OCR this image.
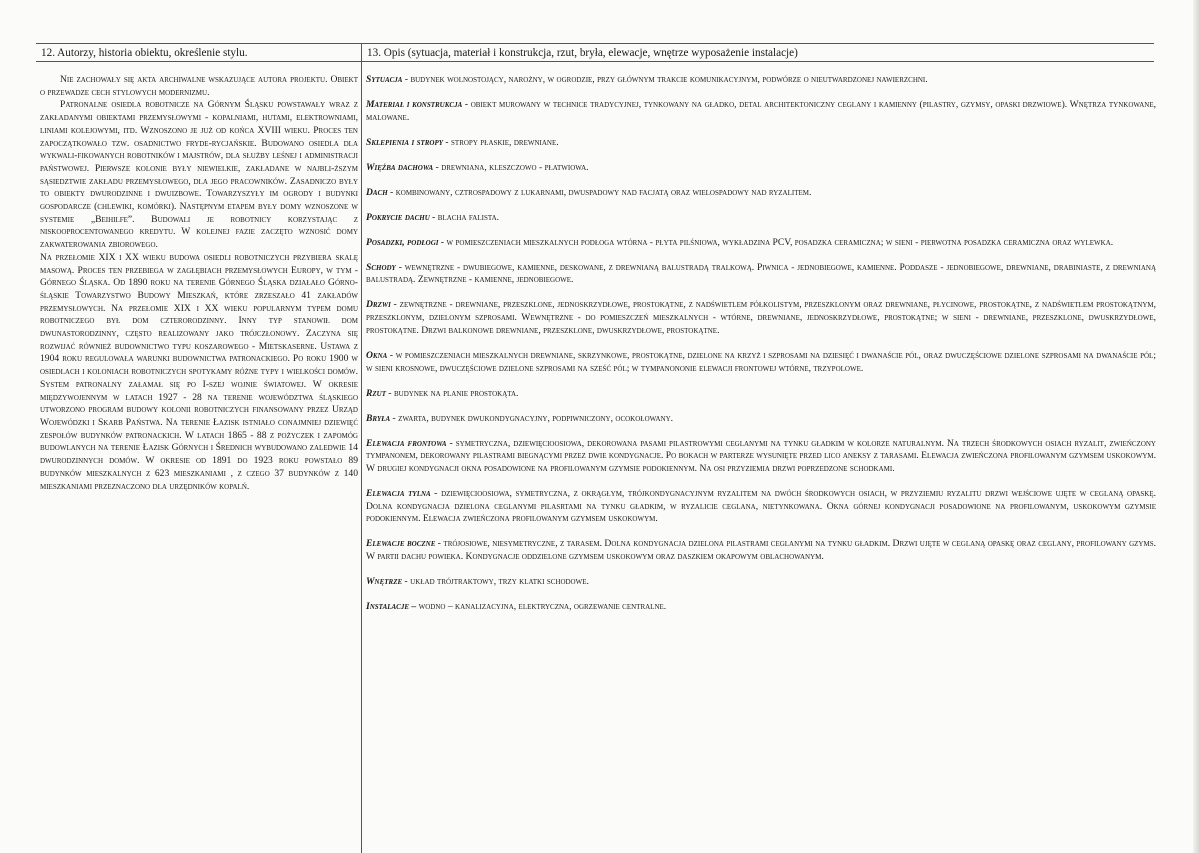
12. Autorzy, historia obiektu, określenie stylu.	13. Opis (sytuacja, materiał i konstrukcja, rzut, bryła, elewacje, wnętrze wyposażenie instalacje)

Nie zachowały się akta archiwalne wskazujące autora projektu. Obiekt o przewadze cech stylowych modernizmu.

Patronalne osiedla robotnicze na Górnym Śląsku powstawały wraz z zakładanymi obiektami przemysłowymi - kopalniami, hutami, elektrowniami, liniami kolejowymi, itd. Wznoszono je już od końca XVIII wieku. Proces ten zapoczątkowało tzw. osadnictwo fryde-rycjańskie. Budowano osiedla dla wykwali-fikowanych robotników i majstrów, dla służby leśnej i administracji państwowej. Pierwsze kolonie były niewielkie, zakładane w najbli-ższym sąsiedztwie zakładu przemysłowego, dla jego pracowników. Zasadniczo były to obiekty dwurodzinne i dwuizbowe. Towarzyszyły im ogrody i budynki gospodarcze (chlewiki, komórki). Następnym etapem były domy wznoszone w systemie „Beihilfe”. Budowali je robotnicy korzystając z niskooprocentowanego kredytu. W kolejnej fazie zaczęto wznosić domy zakwaterowania zbiorowego.

Na przełomie XIX i XX wieku budowa osiedli robotniczych przybiera skalę masową. Proces ten przebiega w zagłębiach przemysłowych Europy, w tym - Górnego Śląska. Od 1890 roku na terenie Górnego Śląska działało Górno-śląskie Towarzystwo Budowy Mieszkań, które zrzeszało 41 zakładów przemysłowych. Na przełomie XIX i XX wieku popularnym typem domu robotniczego był dom czterorodzinny. Inny typ stanowił dom dwunastorodzinny, często realizowany jako trójczłonowy. Zaczyna się rozwijać również budownictwo typu koszarowego - Mietskaserne. Ustawa z 1904 roku regulowała warunki budownictwa patronackiego. Po roku 1900 w osiedlach i koloniach robotniczych spotykamy różne typy i wielkości domów. System patronalny załamał się po I-szej wojnie światowej. W okresie międzywojennym w latach 1927 - 28 na terenie województwa śląskiego utworzono program budowy kolonii robotniczych finansowany przez Urząd Wojewódzki i Skarb Państwa. Na terenie Łazisk istniało conajmniej dziewięć zespołów budynków patronackich. W latach 1865 - 88 z pożyczek i zapomóg budowlanych na terenie Łazisk Górnych i Średnich wybudowano zaledwie 14 dwurodzinnych domów. W okresie od 1891 do 1923 roku powstało 89 budynków mieszkalnych z 623 mieszkaniami , z czego 37 budynków z 140 mieszkaniami przeznaczono dla urzędników kopalń.

Sytuacja - budynek wolnostojący, narożny, w ogrodzie, przy głównym trakcie komunikacyjnym, podwórze o nieutwardzonej nawierzchni.

Materiał i konstrukcja - obiekt murowany w technice tradycyjnej, tynkowany na gładko, detal architektoniczny ceglany i kamienny (pilastry, gzymsy, opaski drzwiowe). Wnętrza tynkowane, malowane.

Sklepienia i stropy - stropy płaskie, drewniane.

Więźba dachowa - drewniana, kleszczowo - płatwiowa.

Dach - kombinowany, cztrospadowy z lukarnami, dwuspadowy nad facjatą oraz wielospadowy nad ryzalitem.

Pokrycie dachu - blacha falista.

Posadzki, podłogi - w pomieszczeniach mieszkalnych podłoga wtórna - płyta pilśniowa, wykładzina PCV, posadzka ceramiczna; w sieni - pierwotna posadzka ceramiczna oraz wylewka.

Schody - wewnętrzne - dwubiegowe, kamienne, deskowane, z drewnianą balustradą tralkową. Piwnica - jednobiegowe, kamienne. Poddasze - jednobiegowe, drewniane, drabiniaste, z drewnianą balustradą. Zewnętrzne - kamienne, jednobiegowe.

Drzwi - zewnętrzne - drewniane, przeszklone, jednoskrzydłowe, prostokątne, z nadświetlem półkolistym, przeszklonym oraz drewniane, płycinowe, prostokątne, z nadświetlem prostokątnym, przeszklonym, dzielonym szprosami. Wewnętrzne - do pomieszczeń mieszkalnych - wtórne, drewniane, jednoskrzydłowe, prostokątne; w sieni - drewniane, przeszklone, dwuskrzydłowe, prostokątne. Drzwi balkonowe drewniane, przeszklone, dwuskrzydłowe, prostokątne.

Okna - w pomieszczeniach mieszkalnych drewniane, skrzynkowe, prostokątne, dzielone na krzyż i szprosami na dziesięć i dwanaście pól, oraz dwuczęściowe dzielone szprosami na dwanaście pól; w sieni krosnowe, dwuczęściowe dzielone szprosami na sześć pól; w tympanononie elewacji frontowej wtórne, trzypolowe.

Rzut - budynek na planie prostokąta.

Bryła - zwarta, budynek dwukondygnacyjny, podpiwniczony, ocokołowany.

Elewacja frontowa - symetryczna, dziewięcioosiowa, dekorowana pasami pilastrowymi ceglanymi na tynku gładkim w kolorze naturalnym. Na trzech środkowych osiach ryzalit, zwieńczony tympanonem, dekorowany pilastrami biegnącymi przez dwie kondygnacje. Po bokach w parterze wysunięte przed lico aneksy z tarasami. Elewacja zwieńczona profilowanym gzymsem uskokowym. W drugiej kondygnacji okna posadowione na profilowanym gzymsie podokiennym. Na osi przyziemia drzwi poprzedzone schodkami.

Elewacja tylna - dziewięcioosiowa, symetryczna, z okrągłym, trójkondygnacyjnym ryzalitem na dwóch środkowych osiach, w przyziemiu ryzalitu drzwi wejściowe ujęte w ceglaną opaskę. Dolna kondygnacja dzielona ceglanymi pilasrtami na tynku gładkim, w ryzalicie ceglana, nietynkowana. Okna górnej kondygnacji posadowione na profilowanym, uskokowym gzymsie podokiennym. Elewacja zwieńczona profilowanym gzymsem uskokowym.

Elewacje boczne - trójosiowe, niesymetryczne, z tarasem. Dolna kondygnacja dzielona pilastrami ceglanymi na tynku gładkim. Drzwi ujęte w ceglaną opaskę oraz ceglany, profilowany gzyms. W partii dachu powieka. Kondygnacje oddzielone gzymsem uskokowym oraz daszkiem okapowym oblachowanym.

Wnętrze - układ trójtraktowy, trzy klatki schodowe.

Instalacje – wodno – kanalizacyjna, elektryczna, ogrzewanie centralne.
